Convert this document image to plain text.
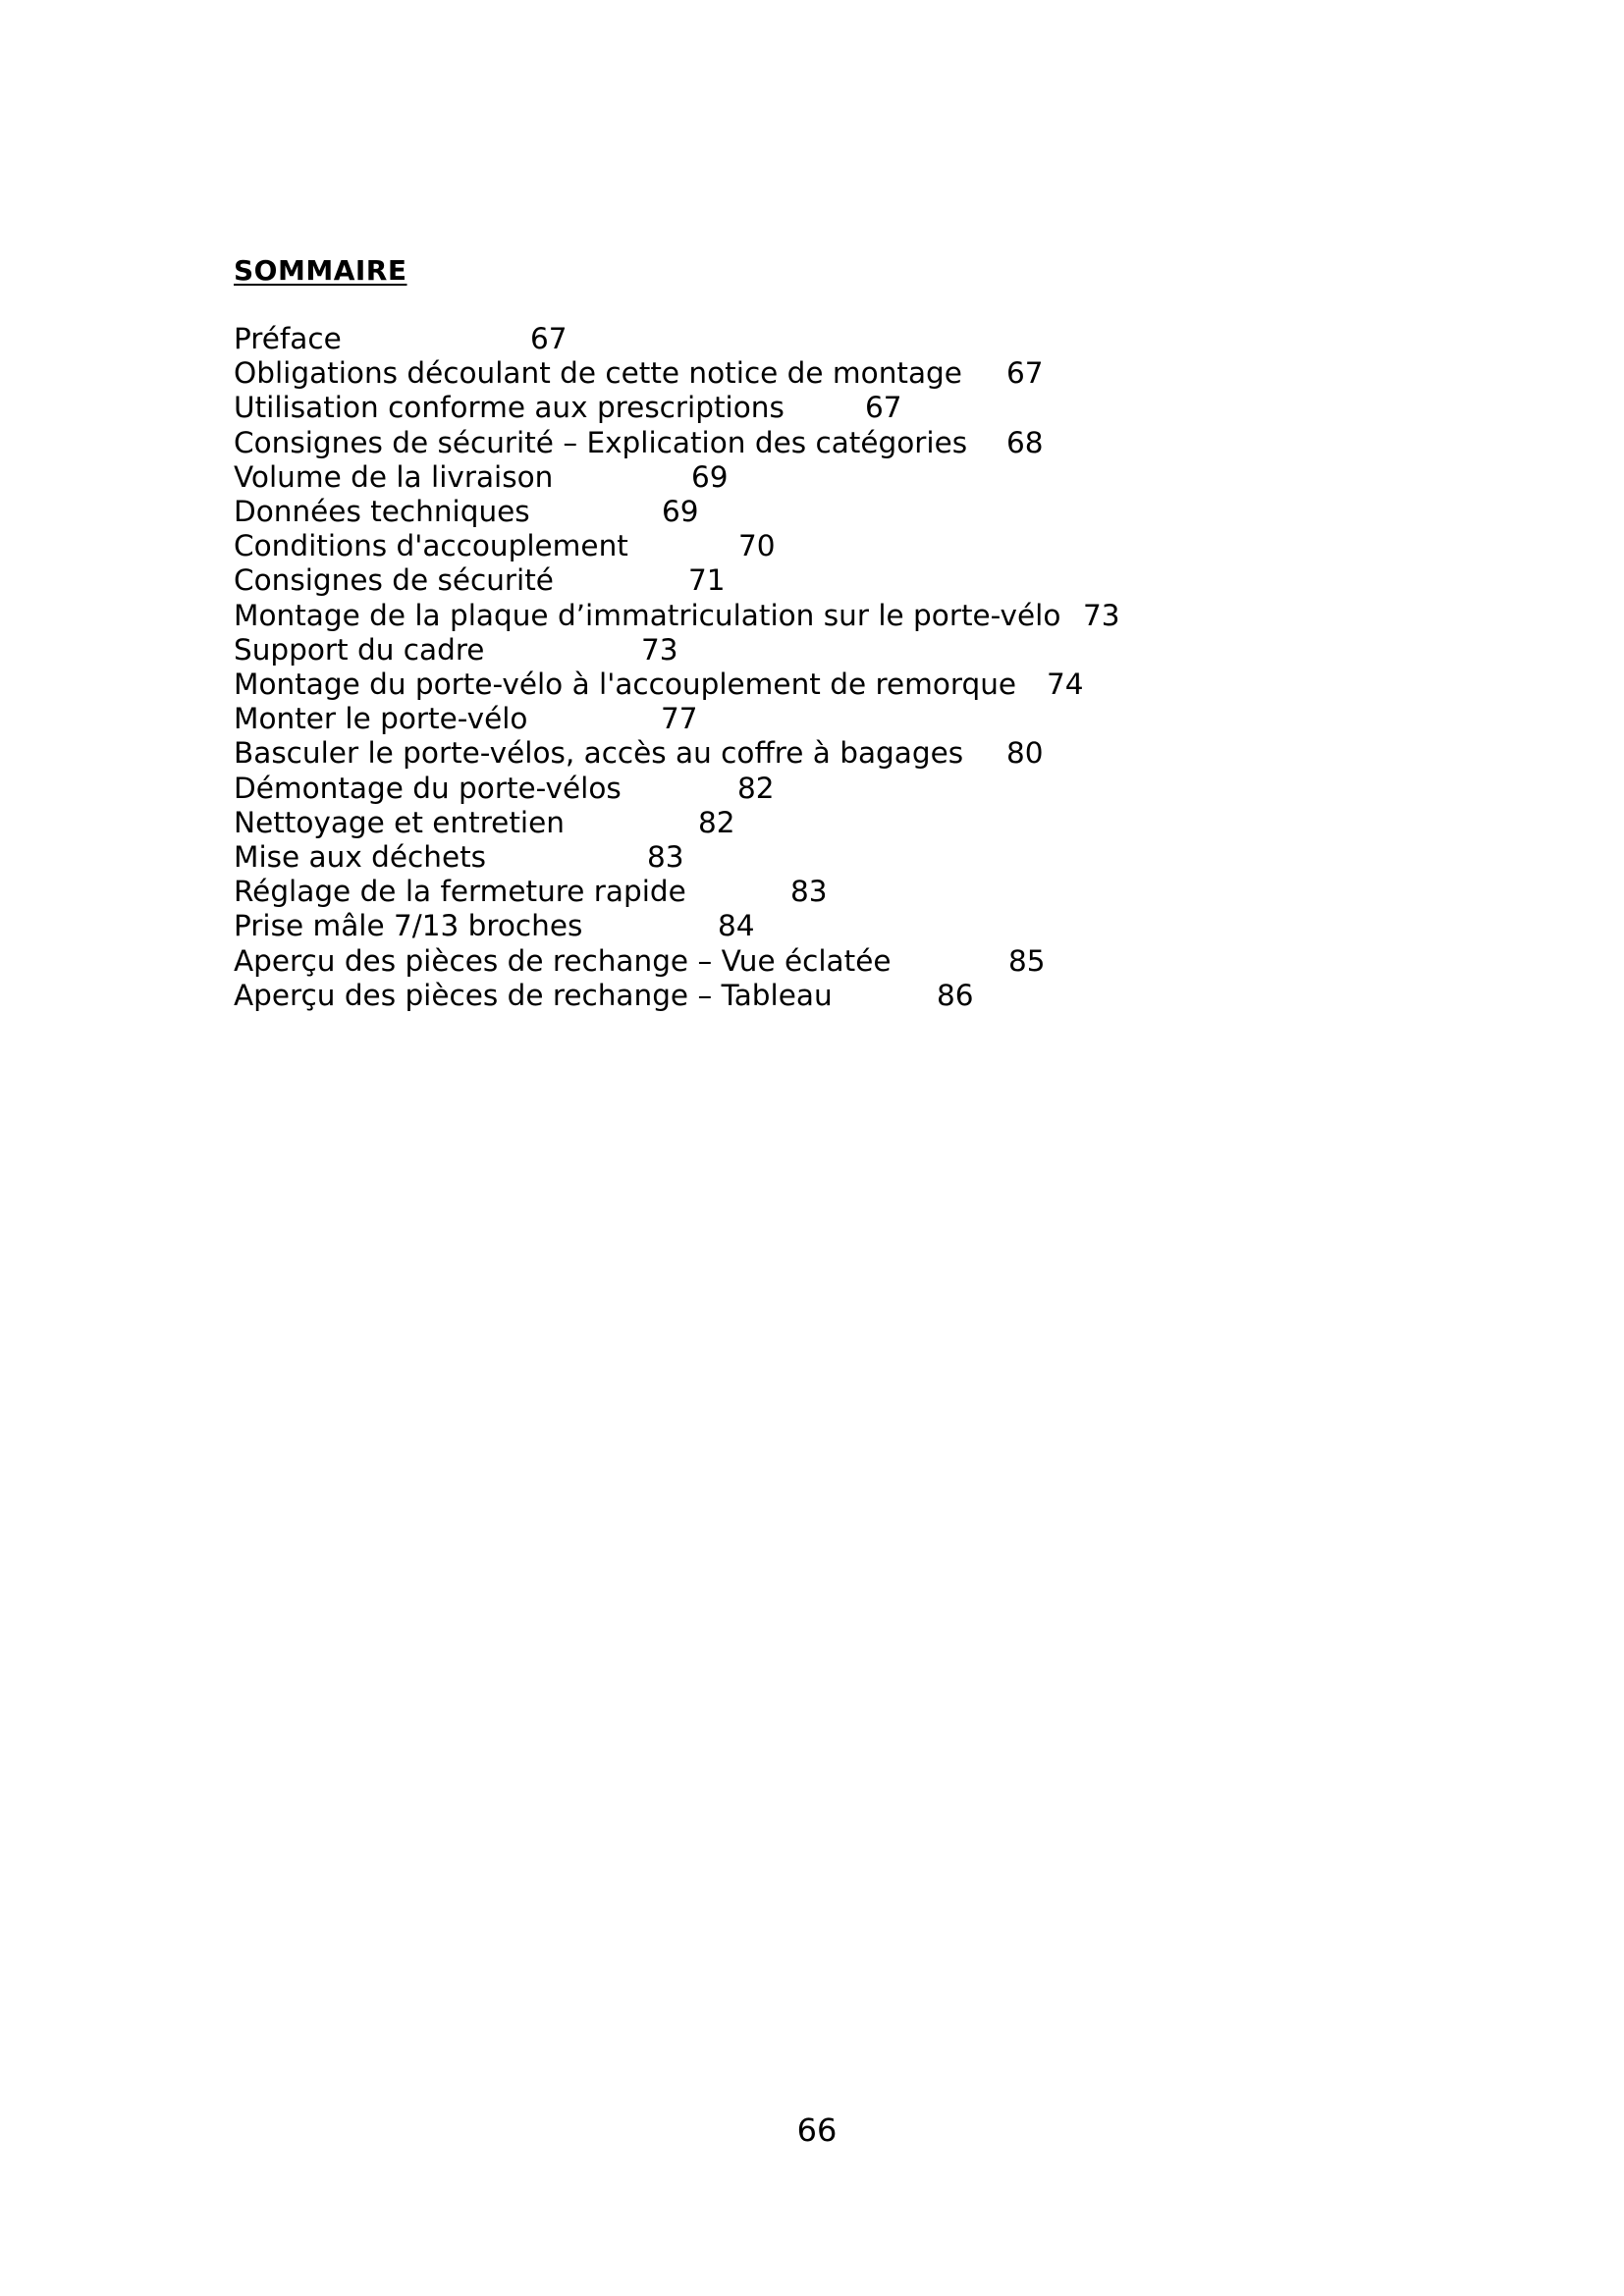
SOMMAIRE
Préface	67
Obligations découlant de cette notice de montage 67
Utilisation conforme aux prescriptions	67
Consignes de sécurité – Explication des catégories 68
Volume de la livraison	69
Données techniques	69
Conditions d'accouplement	70
Consignes de sécurité	71
Montage de la plaque d’immatriculation sur le porte-vélo 73
Support du cadre	73
Montage du porte-vélo à l'accouplement de remorque 74
Monter le porte-vélo	77
Basculer le porte-vélos, accès au coffre à bagages 80
Démontage du porte-vélos	82
Nettoyage et entretien	82
Mise aux déchets	83
Réglage de la fermeture rapide	83
Prise mâle 7/13 broches	84
Aperçu des pièces de rechange – Vue éclatée	85
Aperçu des pièces de rechange – Tableau	86
66
